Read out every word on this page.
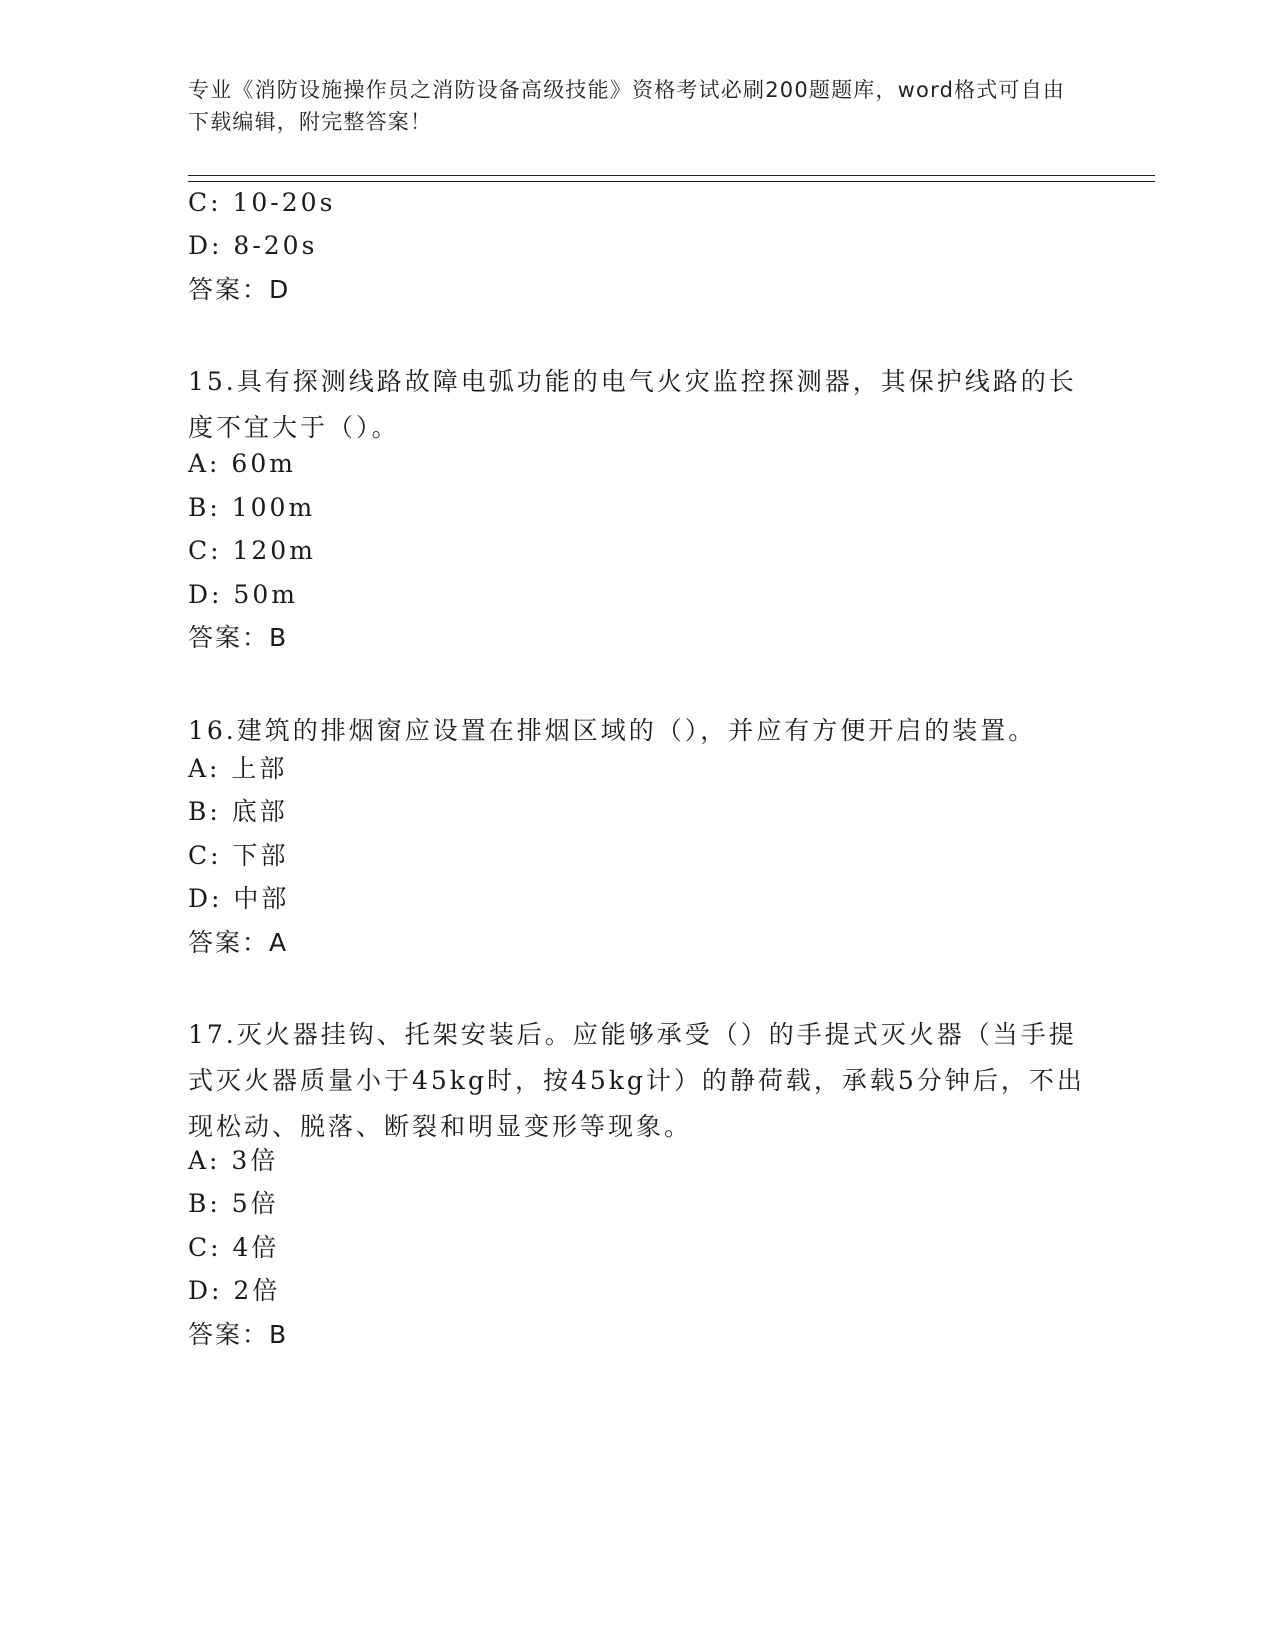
专业《消防设施操作员之消防设备高级技能》资格考试必刷200题题库，word格式可自由下载编辑，附完整答案！
C: 10-20s
D: 8-20s
答案：D
15.具有探测线路故障电弧功能的电气火灾监控探测器，其保护线路的长度不宜大于（）。
A: 60m
B: 100m
C: 120m
D: 50m
答案：B
16.建筑的排烟窗应设置在排烟区域的（），并应有方便开启的装置。
A: 上部
B: 底部
C: 下部
D: 中部
答案：A
17.灭火器挂钩、托架安装后。应能够承受（）的手提式灭火器（当手提式灭火器质量小于45kg时，按45kg计）的静荷载，承载5分钟后，不出现松动、脱落、断裂和明显变形等现象。
A: 3倍
B: 5倍
C: 4倍
D: 2倍
答案：B
